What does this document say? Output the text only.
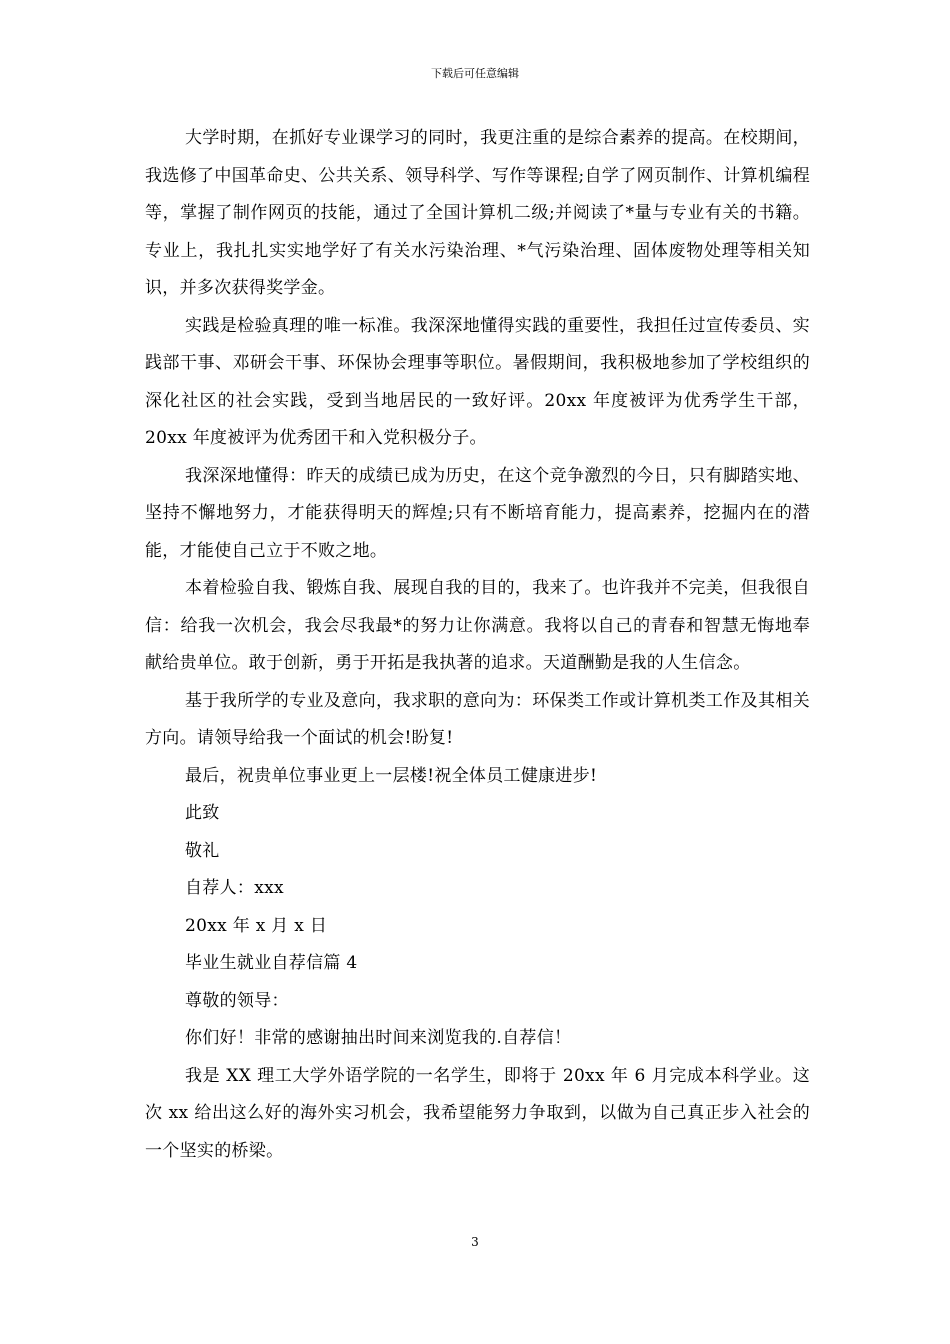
下载后可任意编辑

大学时期，在抓好专业课学习的同时，我更注重的是综合素养的提高。在校期间，我选修了中国革命史、公共关系、领导科学、写作等课程;自学了网页制作、计算机编程等，掌握了制作网页的技能，通过了全国计算机二级;并阅读了*量与专业有关的书籍。专业上，我扎扎实实地学好了有关水污染治理、*气污染治理、固体废物处理等相关知识，并多次获得奖学金。

实践是检验真理的唯一标准。我深深地懂得实践的重要性，我担任过宣传委员、实践部干事、邓研会干事、环保协会理事等职位。暑假期间，我积极地参加了学校组织的深化社区的社会实践，受到当地居民的一致好评。20xx 年度被评为优秀学生干部，20xx 年度被评为优秀团干和入党积极分子。

我深深地懂得：昨天的成绩已成为历史，在这个竞争激烈的今日，只有脚踏实地、坚持不懈地努力，才能获得明天的辉煌;只有不断培育能力，提高素养，挖掘内在的潜能，才能使自己立于不败之地。

本着检验自我、锻炼自我、展现自我的目的，我来了。也许我并不完美，但我很自信：给我一次机会，我会尽我最*的努力让你满意。我将以自己的青春和智慧无悔地奉献给贵单位。敢于创新，勇于开拓是我执著的追求。天道酬勤是我的人生信念。

基于我所学的专业及意向，我求职的意向为：环保类工作或计算机类工作及其相关方向。请领导给我一个面试的机会!盼复!

最后，祝贵单位事业更上一层楼!祝全体员工健康进步!

此致

敬礼

自荐人：xxx

20xx 年 x 月 x 日

毕业生就业自荐信篇 4

尊敬的领导：

你们好！非常的感谢抽出时间来浏览我的.自荐信！

我是 XX 理工大学外语学院的一名学生，即将于 20xx 年 6 月完成本科学业。这次 xx 给出这么好的海外实习机会，我希望能努力争取到，以做为自己真正步入社会的一个坚实的桥梁。

3
